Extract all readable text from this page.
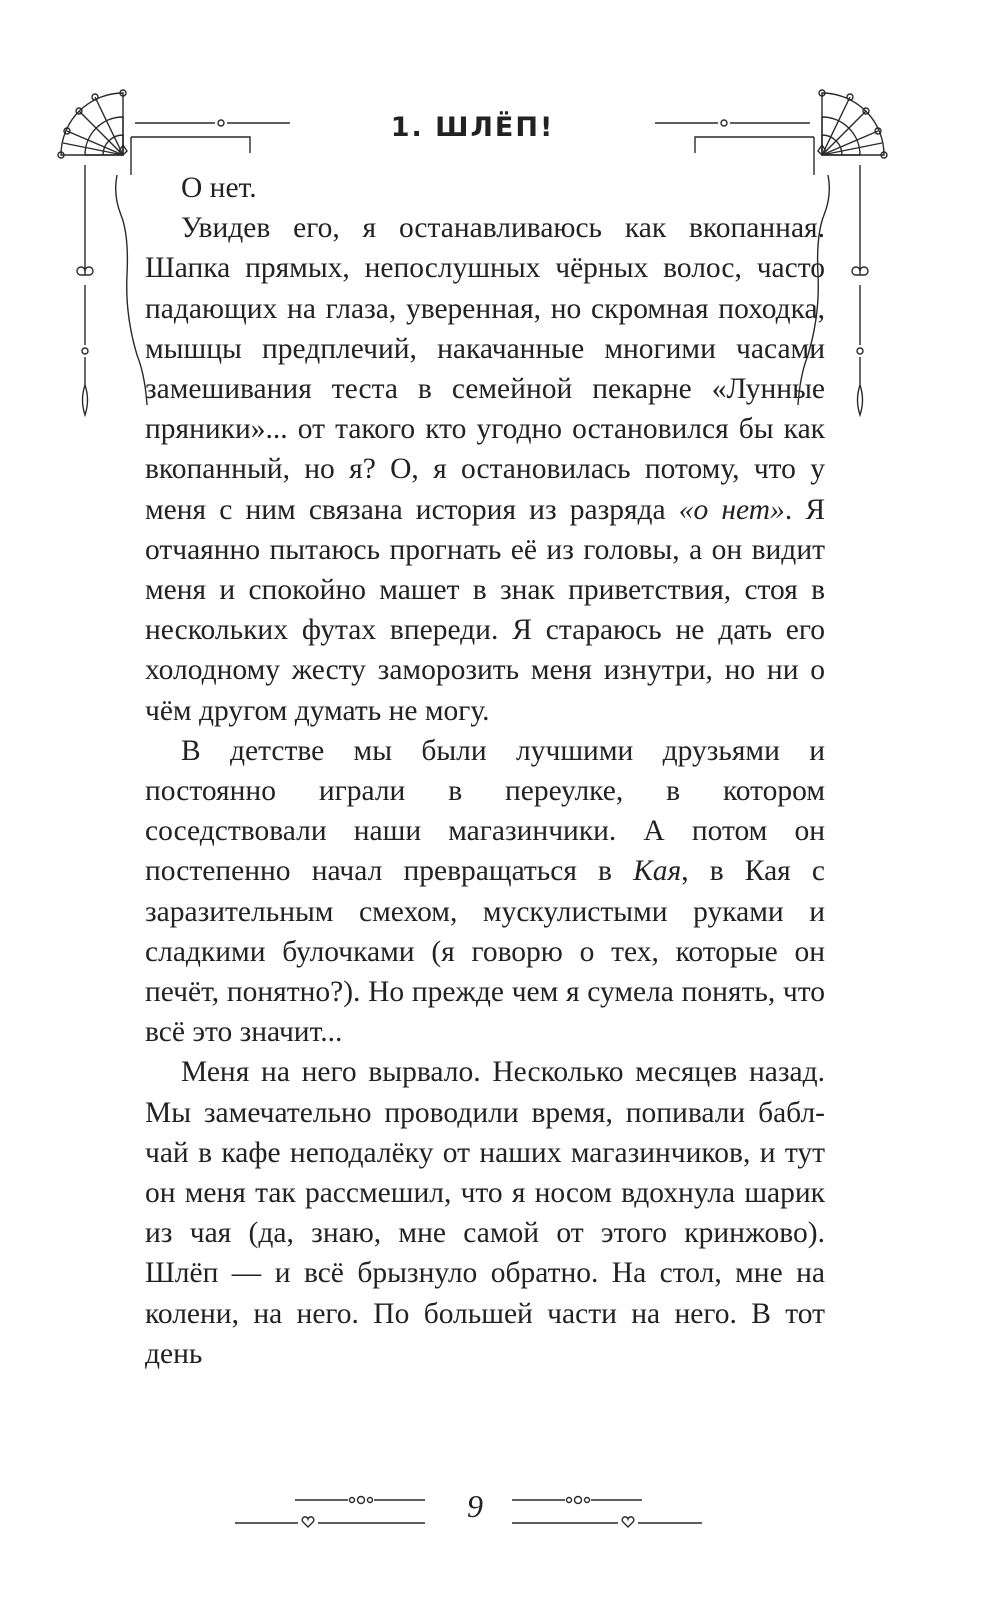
1. ШЛЁП!

О нет.

Увидев его, я останавливаюсь как вкопанная. Шапка прямых, непослушных чёрных волос, часто падающих на глаза, уверенная, но скромная походка, мышцы предплечий, накачанные многими часами замешивания теста в семейной пекарне «Лунные пряники»... от такого кто угодно остановился бы как вкопанный, но я? О, я остановилась потому, что у меня с ним связана история из разряда «о нет». Я отчаянно пытаюсь прогнать её из головы, а он видит меня и спокойно машет в знак приветствия, стоя в нескольких футах впереди. Я стараюсь не дать его холодному жесту заморозить меня изнутри, но ни о чём другом думать не могу.

В детстве мы были лучшими друзьями и постоянно играли в переулке, в котором соседствовали наши магазинчики. А потом он постепенно начал превращаться в Кая, в Кая с заразительным смехом, мускулистыми руками и сладкими булочками (я говорю о тех, которые он печёт, понятно?). Но прежде чем я сумела понять, что всё это значит...

Меня на него вырвало. Несколько месяцев назад. Мы замечательно проводили время, попивали бабл-чай в кафе неподалёку от наших магазинчиков, и тут он меня так рассмешил, что я носом вдохнула шарик из чая (да, знаю, мне самой от этого кринжово). Шлёп — и всё брызнуло обратно. На стол, мне на колени, на него. По большей части на него. В тот день

9
